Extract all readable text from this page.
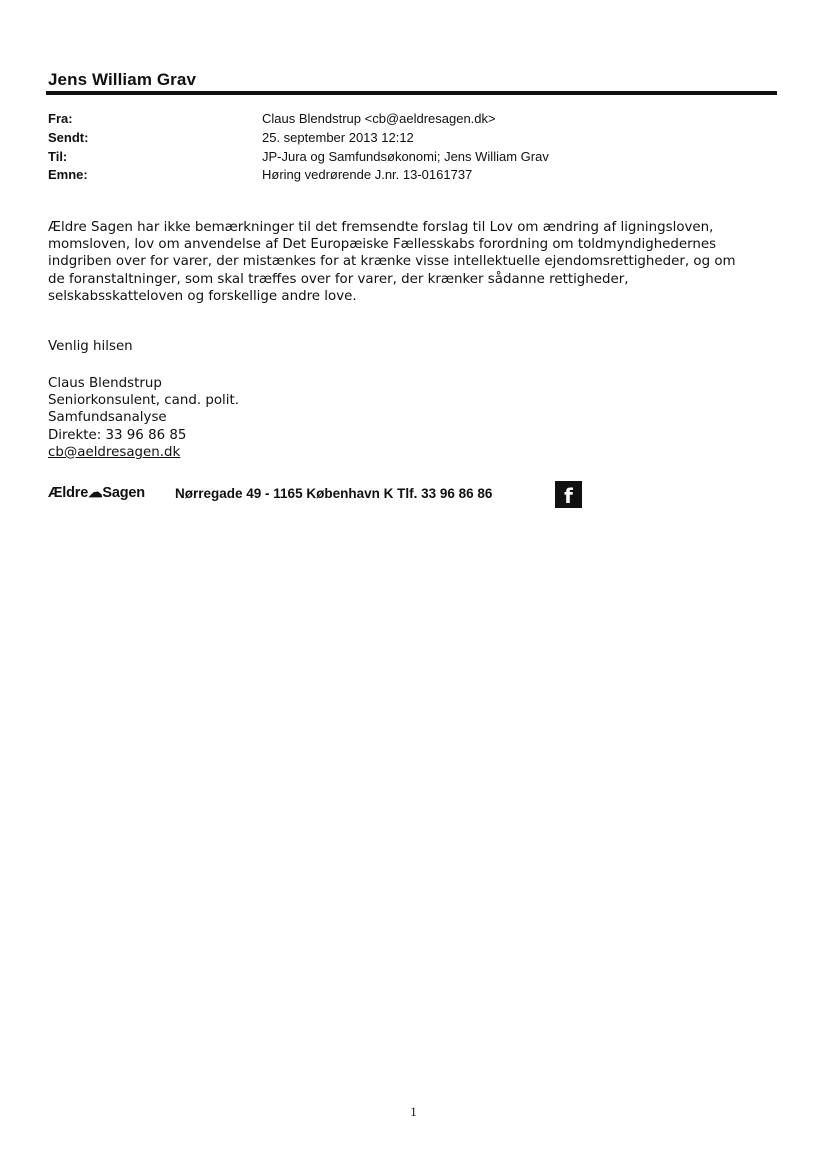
Jens William Grav
Fra:	Claus Blendstrup <cb@aeldresagen.dk>
Sendt:	25. september 2013 12:12
Til:	JP-Jura og Samfundsøkonomi; Jens William Grav
Emne:	Høring vedrørende J.nr. 13-0161737
Ældre Sagen har ikke bemærkninger til det fremsendte forslag til Lov om ændring af ligningsloven,
momsloven, lov om anvendelse af Det Europæiske Fællesskabs forordning om toldmyndighedernes
indgriben over for varer, der mistænkes for at krænke visse intellektuelle ejendomsrettigheder, og om
de foranstaltninger, som skal træffes over for varer, der krænker sådanne rettigheder,
selskabsskatteloven og forskellige andre love.
Venlig hilsen
Claus Blendstrup
Seniorkonsulent, cand. polit.
Samfundsanalyse
Direkte: 33 96 86 85
cb@aeldresagen.dk
Ældre☁Sagen Nørregade 49 - 1165 København K Tlf. 33 96 86 86	f
1
